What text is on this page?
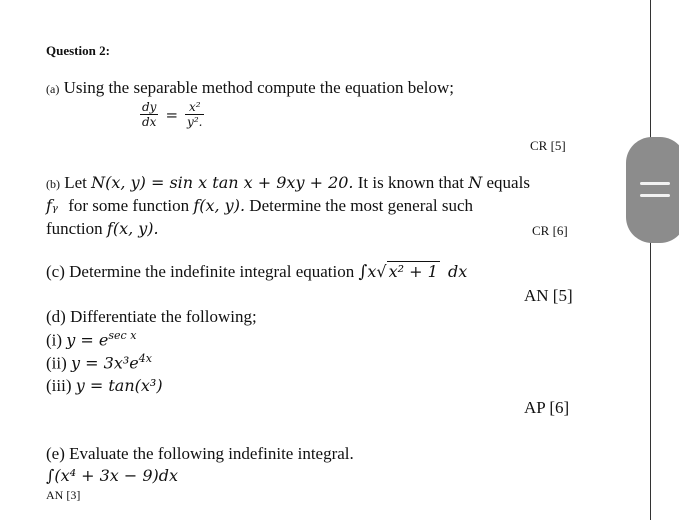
Question 2:
(a) Using the separable method compute the equation below;
$\frac{dy}{dx} = \frac{\text{x²}}{\text{y².}}$
CR [5]
(b) Let N(x, y) = sin x tan x + 9xy + 20. It is known that N equals
fᵧ for some function f(x, y). Determine the most general such
function f(x, y).	CR [6]
(c) Determine the indefinite integral equation ∫x√ x² + 1 dx
AN [5]
(d) Differentiate the following;
(i) $y = e^{sec x}$
(ii) $y = 3x^3e^{4x}$
(iii) y = tan(x³)
AP [6]
(e) Evaluate the following indefinite integral.
∫(x⁴ + 3x − 9)dx
AN [3]
